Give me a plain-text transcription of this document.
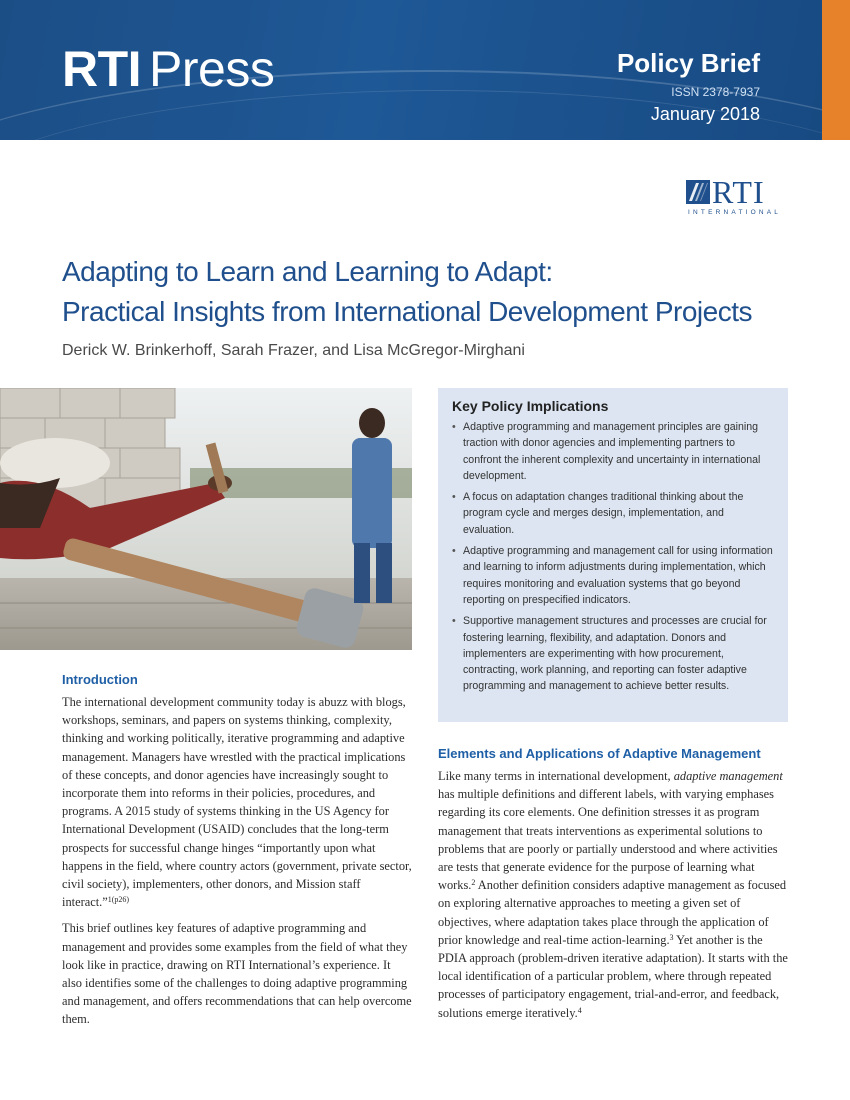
RTI Press	Policy Brief
ISSN 2378-7937
January 2018
RTI
INTERNATIONAL
Adapting to Learn and Learning to Adapt:
Practical Insights from International Development Projects
Derick W. Brinkerhoff, Sarah Frazer, and Lisa McGregor-Mirghani
Key Policy Implications
• Adaptive programming and management principles are gaining traction with donor agencies and implementing partners to confront the inherent complexity and uncertainty in international development.
• A focus on adaptation changes traditional thinking about the program cycle and merges design, implementation, and evaluation.
• Adaptive programming and management call for using information and learning to inform adjustments during implementation, which requires monitoring and evaluation systems that go beyond reporting on prespecified indicators.
• Supportive management structures and processes are crucial for fostering learning, flexibility, and adaptation. Donors and implementers are experimenting with how procurement, contracting, work planning, and reporting can foster adaptive programming and management to achieve better results.
Introduction

The international development community today is abuzz with blogs, workshops, seminars, and papers on systems thinking, complexity, thinking and working politically, iterative programming and adaptive management. Managers have wrestled with the practical implications of these concepts, and donor agencies have increasingly sought to incorporate them into reforms in their policies, procedures, and programs. A 2015 study of systems thinking in the US Agency for International Development (USAID) concludes that the long-term prospects for successful change hinges “importantly upon what happens in the field, where country actors (government, private sector, civil society), implementers, other donors, and Mission staff interact.”$^{1(p26)}$

This brief outlines key features of adaptive programming and management and provides some examples from the field of what they look like in practice, drawing on RTI International’s experience. It also identifies some of the challenges to doing adaptive programming and management, and offers recommendations that can help overcome them.

Elements and Applications of Adaptive Management

Like many terms in international development, adaptive management has multiple definitions and different labels, with varying emphases regarding its core elements. One definition stresses it as program management that treats interventions as experimental solutions to problems that are poorly or partially understood and where activities are tests that generate evidence for the purpose of learning what works.$^2$ Another definition considers adaptive management as focused on exploring alternative approaches to meeting a given set of objectives, where adaptation takes place through the application of prior knowledge and real-time action-learning.$^3$ Yet another is the PDIA approach (problem-driven iterative adaptation). It starts with the local identification of a particular problem, where through repeated processes of participatory engagement, trial-and-error, and feedback, solutions emerge iteratively.$^4$
